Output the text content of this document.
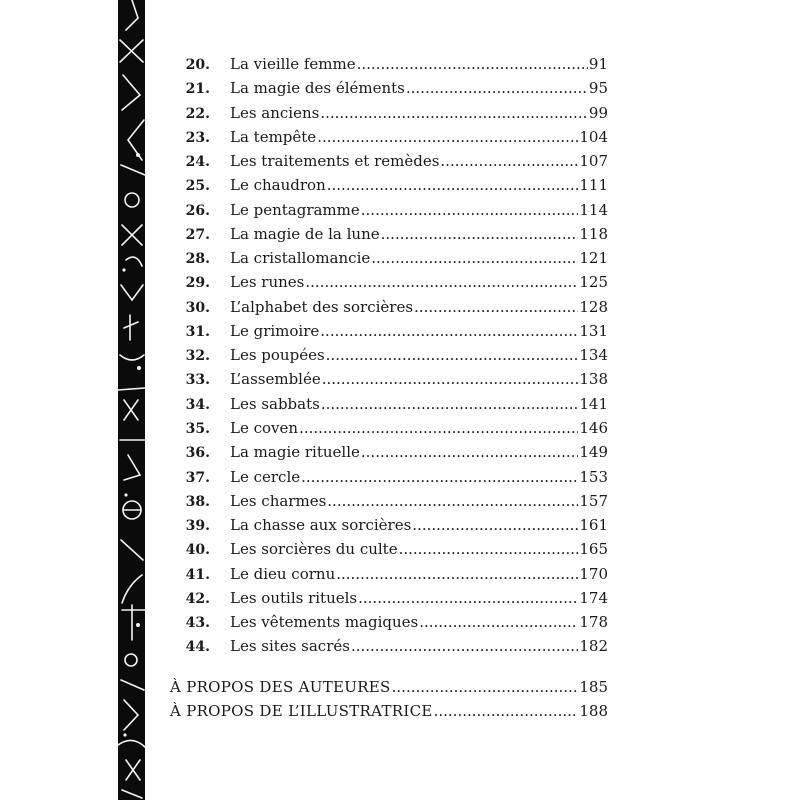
20. La vieille femme .....	91
21. La magie des éléments .....	95
22. Les anciens .....	99
23. La tempête .....	104
24. Les traitements et remèdes .....	107
25. Le chaudron .....	111
26. Le pentagramme .....	114
27. La magie de la lune .....	118
28. La cristallomancie .....	121
29. Les runes .....	125
30. L’alphabet des sorcières .....	128
31. Le grimoire .....	131
32. Les poupées .....	134
33. L’assemblée .....	138
34. Les sabbats .....	141
35. Le coven .....	146
36. La magie rituelle .....	149
37. Le cercle .....	153
38. Les charmes .....	157
39. La chasse aux sorcières .....	161
40. Les sorcières du culte .....	165
41. Le dieu cornu .....	170
42. Les outils rituels .....	174
43. Les vêtements magiques .....	178
44. Les sites sacrés .....	182
À PROPOS DES AUTEURES .....	185
À PROPOS DE L’ILLUSTRATRICE .....	188
